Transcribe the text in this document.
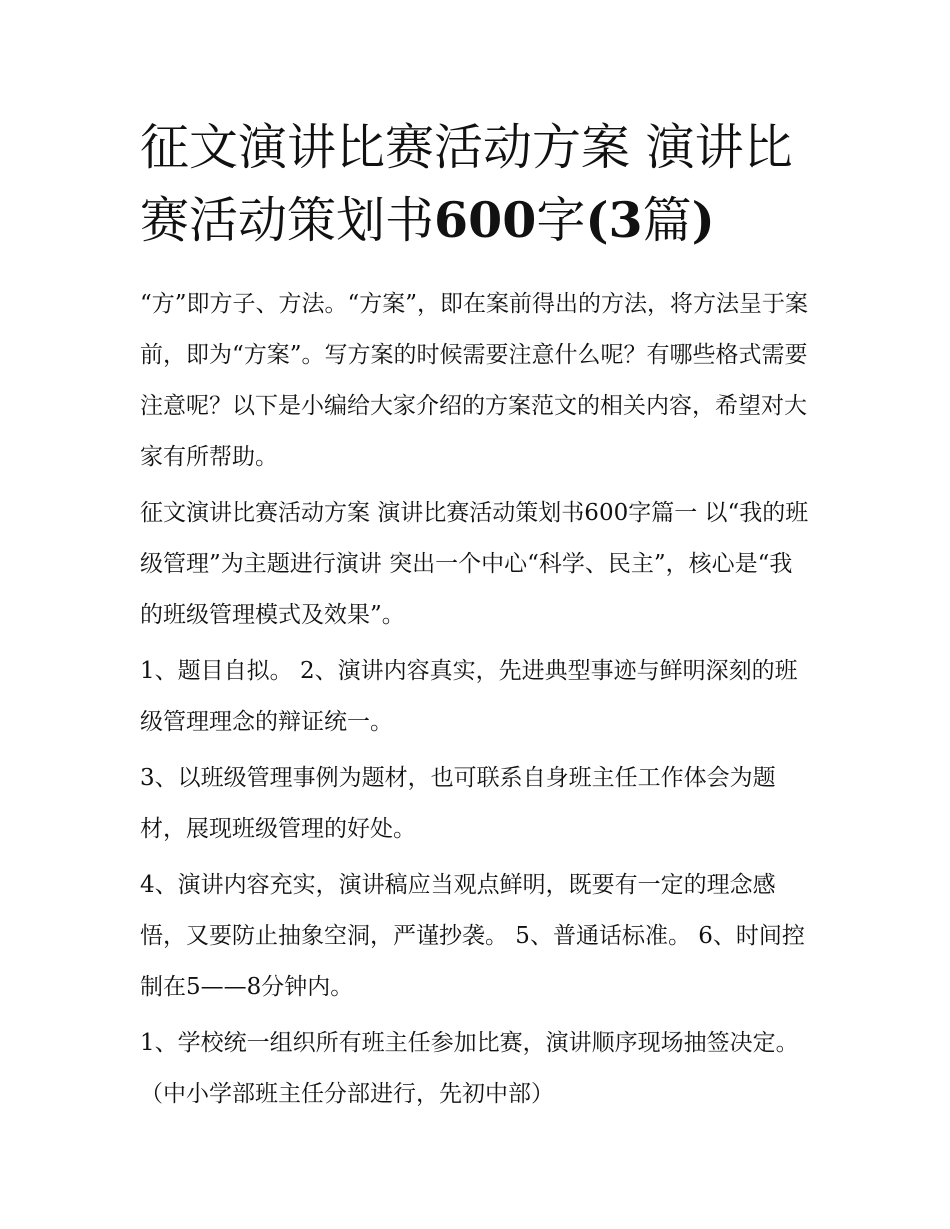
征文演讲比赛活动方案 演讲比赛活动策划书600字(3篇)

“方”即方子、方法。“方案”，即在案前得出的方法，将方法呈于案前，即为“方案”。写方案的时候需要注意什么呢？有哪些格式需要注意呢？以下是小编给大家介绍的方案范文的相关内容，希望对大家有所帮助。

征文演讲比赛活动方案 演讲比赛活动策划书600字篇一 以“我的班级管理”为主题进行演讲 突出一个中心“科学、民主”，核心是“我的班级管理模式及效果”。

1、题目自拟。 2、演讲内容真实，先进典型事迹与鲜明深刻的班级管理理念的辩证统一。

3、以班级管理事例为题材，也可联系自身班主任工作体会为题材，展现班级管理的好处。

4、演讲内容充实，演讲稿应当观点鲜明，既要有一定的理念感悟，又要防止抽象空洞，严谨抄袭。 5、普通话标准。 6、时间控制在5——8分钟内。

1、学校统一组织所有班主任参加比赛，演讲顺序现场抽签决定。（中小学部班主任分部进行，先初中部）
